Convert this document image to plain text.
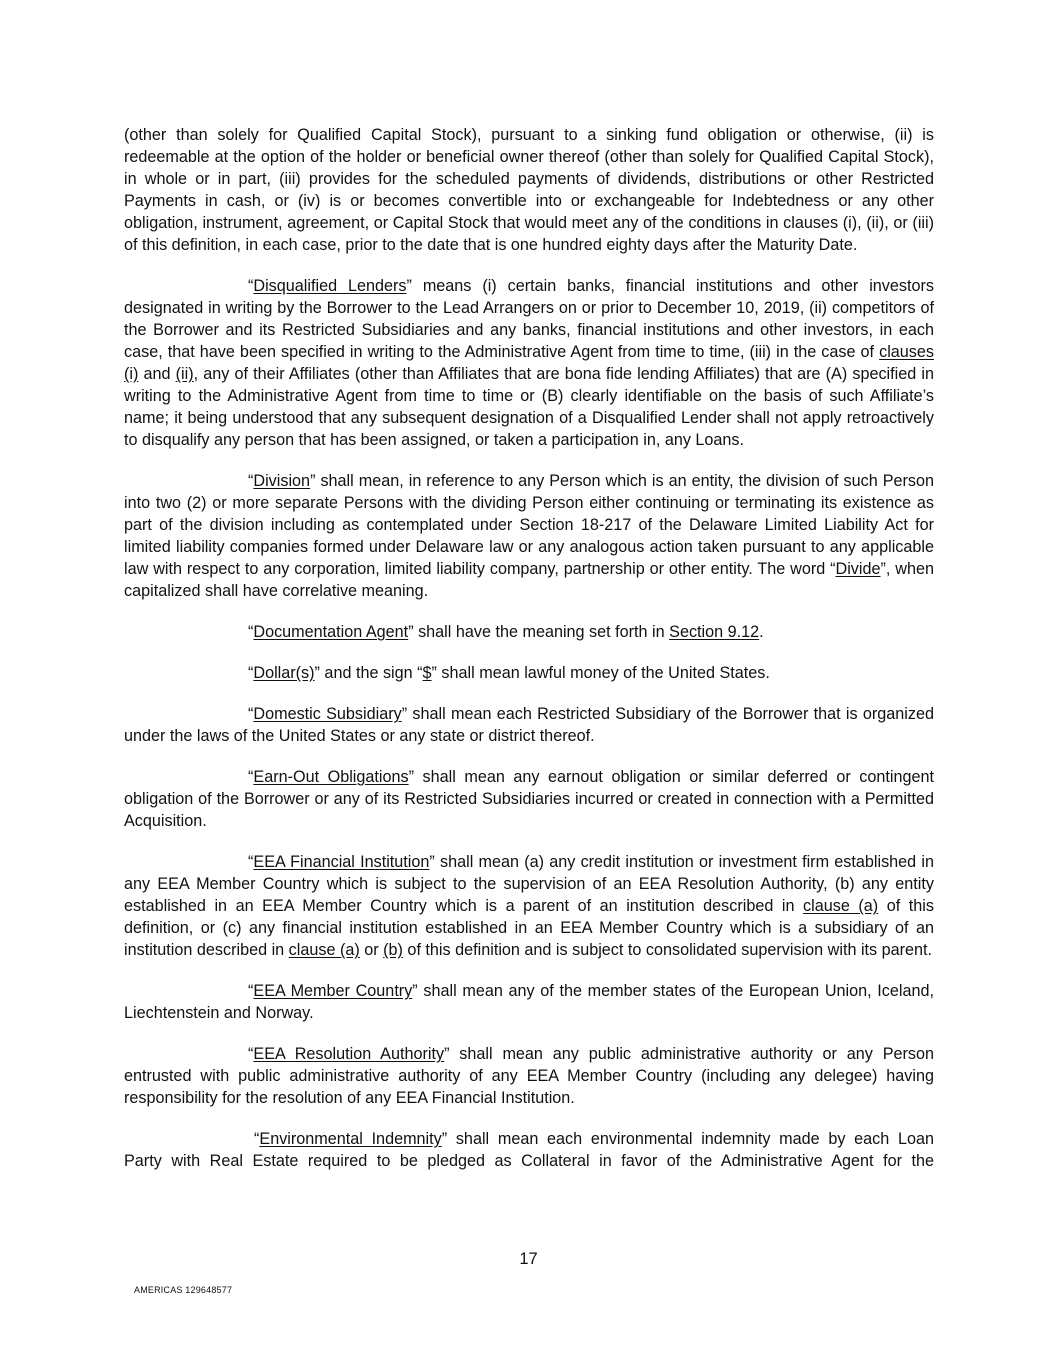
(other than solely for Qualified Capital Stock), pursuant to a sinking fund obligation or otherwise, (ii) is redeemable at the option of the holder or beneficial owner thereof (other than solely for Qualified Capital Stock), in whole or in part, (iii) provides for the scheduled payments of dividends, distributions or other Restricted Payments in cash, or (iv) is or becomes convertible into or exchangeable for Indebtedness or any other obligation, instrument, agreement, or Capital Stock that would meet any of the conditions in clauses (i), (ii), or (iii) of this definition, in each case, prior to the date that is one hundred eighty days after the Maturity Date.

“Disqualified Lenders” means (i) certain banks, financial institutions and other investors designated in writing by the Borrower to the Lead Arrangers on or prior to December 10, 2019, (ii) competitors of the Borrower and its Restricted Subsidiaries and any banks, financial institutions and other investors, in each case, that have been specified in writing to the Administrative Agent from time to time, (iii) in the case of clauses (i) and (ii), any of their Affiliates (other than Affiliates that are bona fide lending Affiliates) that are (A) specified in writing to the Administrative Agent from time to time or (B) clearly identifiable on the basis of such Affiliate’s name; it being understood that any subsequent designation of a Disqualified Lender shall not apply retroactively to disqualify any person that has been assigned, or taken a participation in, any Loans.

“Division” shall mean, in reference to any Person which is an entity, the division of such Person into two (2) or more separate Persons with the dividing Person either continuing or terminating its existence as part of the division including as contemplated under Section 18-217 of the Delaware Limited Liability Act for limited liability companies formed under Delaware law or any analogous action taken pursuant to any applicable law with respect to any corporation, limited liability company, partnership or other entity. The word “Divide”, when capitalized shall have correlative meaning.

“Documentation Agent” shall have the meaning set forth in Section 9.12.

“Dollar(s)” and the sign “$” shall mean lawful money of the United States.

“Domestic Subsidiary” shall mean each Restricted Subsidiary of the Borrower that is organized under the laws of the United States or any state or district thereof.

“Earn-Out Obligations” shall mean any earnout obligation or similar deferred or contingent obligation of the Borrower or any of its Restricted Subsidiaries incurred or created in connection with a Permitted Acquisition.

“EEA Financial Institution” shall mean (a) any credit institution or investment firm established in any EEA Member Country which is subject to the supervision of an EEA Resolution Authority, (b) any entity established in an EEA Member Country which is a parent of an institution described in clause (a) of this definition, or (c) any financial institution established in an EEA Member Country which is a subsidiary of an institution described in clause (a) or (b) of this definition and is subject to consolidated supervision with its parent.

“EEA Member Country” shall mean any of the member states of the European Union, Iceland, Liechtenstein and Norway.

“EEA Resolution Authority” shall mean any public administrative authority or any Person entrusted with public administrative authority of any EEA Member Country (including any delegee) having responsibility for the resolution of any EEA Financial Institution.

“Environmental Indemnity” shall mean each environmental indemnity made by each Loan Party with Real Estate required to be pledged as Collateral in favor of the Administrative Agent for the

17
AMERICAS 129648577
